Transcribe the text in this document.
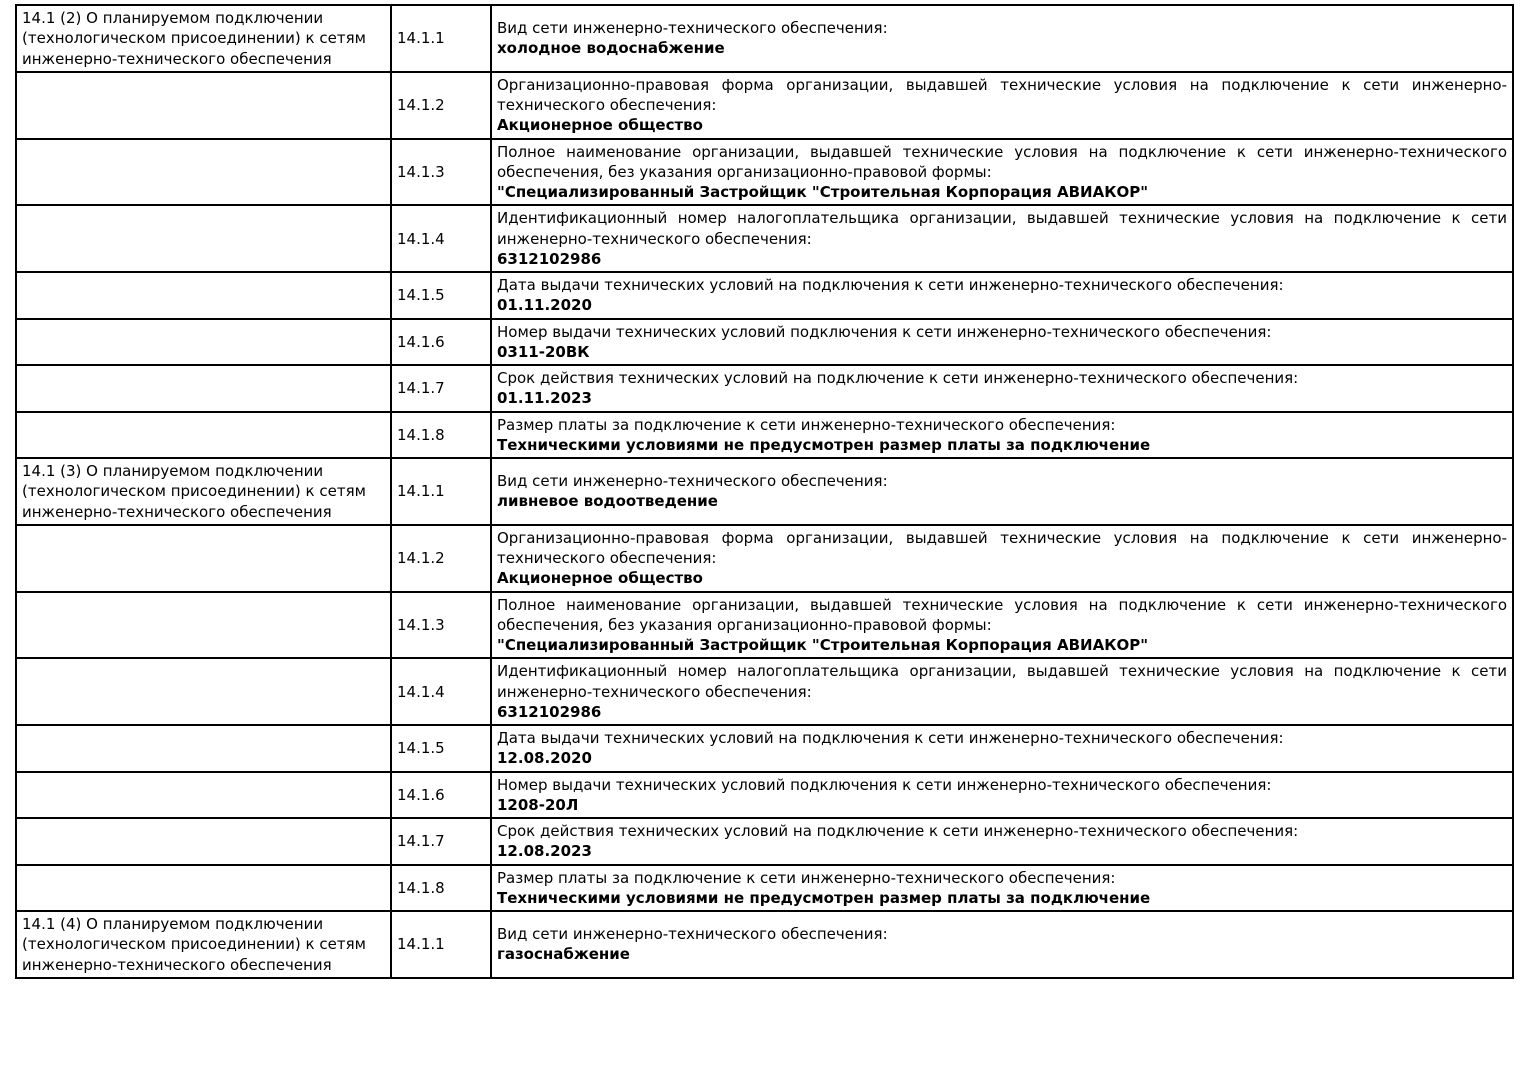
14.1 (2) О планируемом подключении (технологическом присоединении) к сетям инженерно-технического обеспечения	14.1.1	Вид сети инженерно-технического обеспечения:
холодное водоснабжение

	14.1.2	Организационно-правовая форма организации, выдавшей технические условия на подключение к сети инженерно-технического обеспечения:
Акционерное общество

	14.1.3	Полное наименование организации, выдавшей технические условия на подключение к сети инженерно-технического обеспечения, без указания организационно-правовой формы:
"Специализированный Застройщик "Строительная Корпорация АВИАКОР"

	14.1.4	Идентификационный номер налогоплательщика организации, выдавшей технические условия на подключение к сети инженерно-технического обеспечения:
6312102986

	14.1.5	Дата выдачи технических условий на подключения к сети инженерно-технического обеспечения:
01.11.2020

	14.1.6	Номер выдачи технических условий подключения к сети инженерно-технического обеспечения:
0311-20ВК

	14.1.7	Срок действия технических условий на подключение к сети инженерно-технического обеспечения:
01.11.2023

	14.1.8	Размер платы за подключение к сети инженерно-технического обеспечения:
Техническими условиями не предусмотрен размер платы за подключение

14.1 (3) О планируемом подключении (технологическом присоединении) к сетям инженерно-технического обеспечения	14.1.1	Вид сети инженерно-технического обеспечения:
ливневое водоотведение

	14.1.2	Организационно-правовая форма организации, выдавшей технические условия на подключение к сети инженерно-технического обеспечения:
Акционерное общество

	14.1.3	Полное наименование организации, выдавшей технические условия на подключение к сети инженерно-технического обеспечения, без указания организационно-правовой формы:
"Специализированный Застройщик "Строительная Корпорация АВИАКОР"

	14.1.4	Идентификационный номер налогоплательщика организации, выдавшей технические условия на подключение к сети инженерно-технического обеспечения:
6312102986

	14.1.5	Дата выдачи технических условий на подключения к сети инженерно-технического обеспечения:
12.08.2020

	14.1.6	Номер выдачи технических условий подключения к сети инженерно-технического обеспечения:
1208-20Л

	14.1.7	Срок действия технических условий на подключение к сети инженерно-технического обеспечения:
12.08.2023

	14.1.8	Размер платы за подключение к сети инженерно-технического обеспечения:
Техническими условиями не предусмотрен размер платы за подключение

14.1 (4) О планируемом подключении (технологическом присоединении) к сетям инженерно-технического обеспечения	14.1.1	Вид сети инженерно-технического обеспечения:
газоснабжение
